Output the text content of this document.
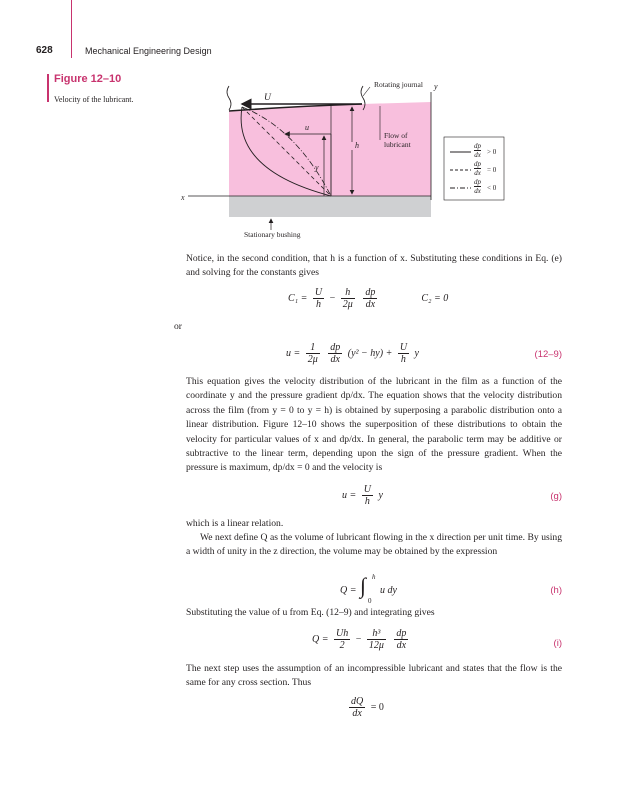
628	Mechanical Engineering Design
Figure 12–10
Velocity of the lubricant.	U
u
y
h
x
y
Rotating journal
Flow of
lubricant
Stationary bushing
$\frac{dp}{dx} > 0$
$\frac{dp}{dx} = 0$
$\frac{dp}{dx} < 0$

Notice, in the second condition, that h is a function of x. Substituting these conditions in Eq. (e) and solving for the constants gives

$C_1 = \frac{U}{h} - \frac{h}{2\mu}$
$\frac{dp}{dx}$	C₂ = 0
or
$u = \frac{1}{2\mu}$
$\frac{dp}{dx} (y^2 - hy) + \frac{U}{h}$ y	(12–9)

This equation gives the velocity distribution of the lubricant in the film as a function of the coordinate y and the pressure gradient dp/dx. The equation shows that the velocity distribution across the film (from y = 0 to y = h) is obtained by superposing a parabolic distribution onto a linear distribution. Figure 12–10 shows the superposition of these distributions to obtain the velocity for particular values of x and dp/dx. In general, the parabolic term may be additive or subtractive to the linear term, depending upon the sign of the pressure gradient. When the pressure is maximum, dp/dx = 0 and the velocity is

$u = \frac{U}{h}$ y	(g)

which is a linear relation.

We next define Q as the volume of lubricant flowing in the x direction per unit time. By using a width of unity in the z direction, the volume may be obtained by the expression

Q = ∫ h
0
u dy	(h)

Substituting the value of u from Eq. (12–9) and integrating gives

$Q = \frac{Uh}{2} - \frac{\text{h³}}{12\mu}$
$\frac{dp}{dx}$	(i)

The next step uses the assumption of an incompressible lubricant and states that the flow is the same for any cross section. Thus

$\frac{dQ}{dx} = 0$
